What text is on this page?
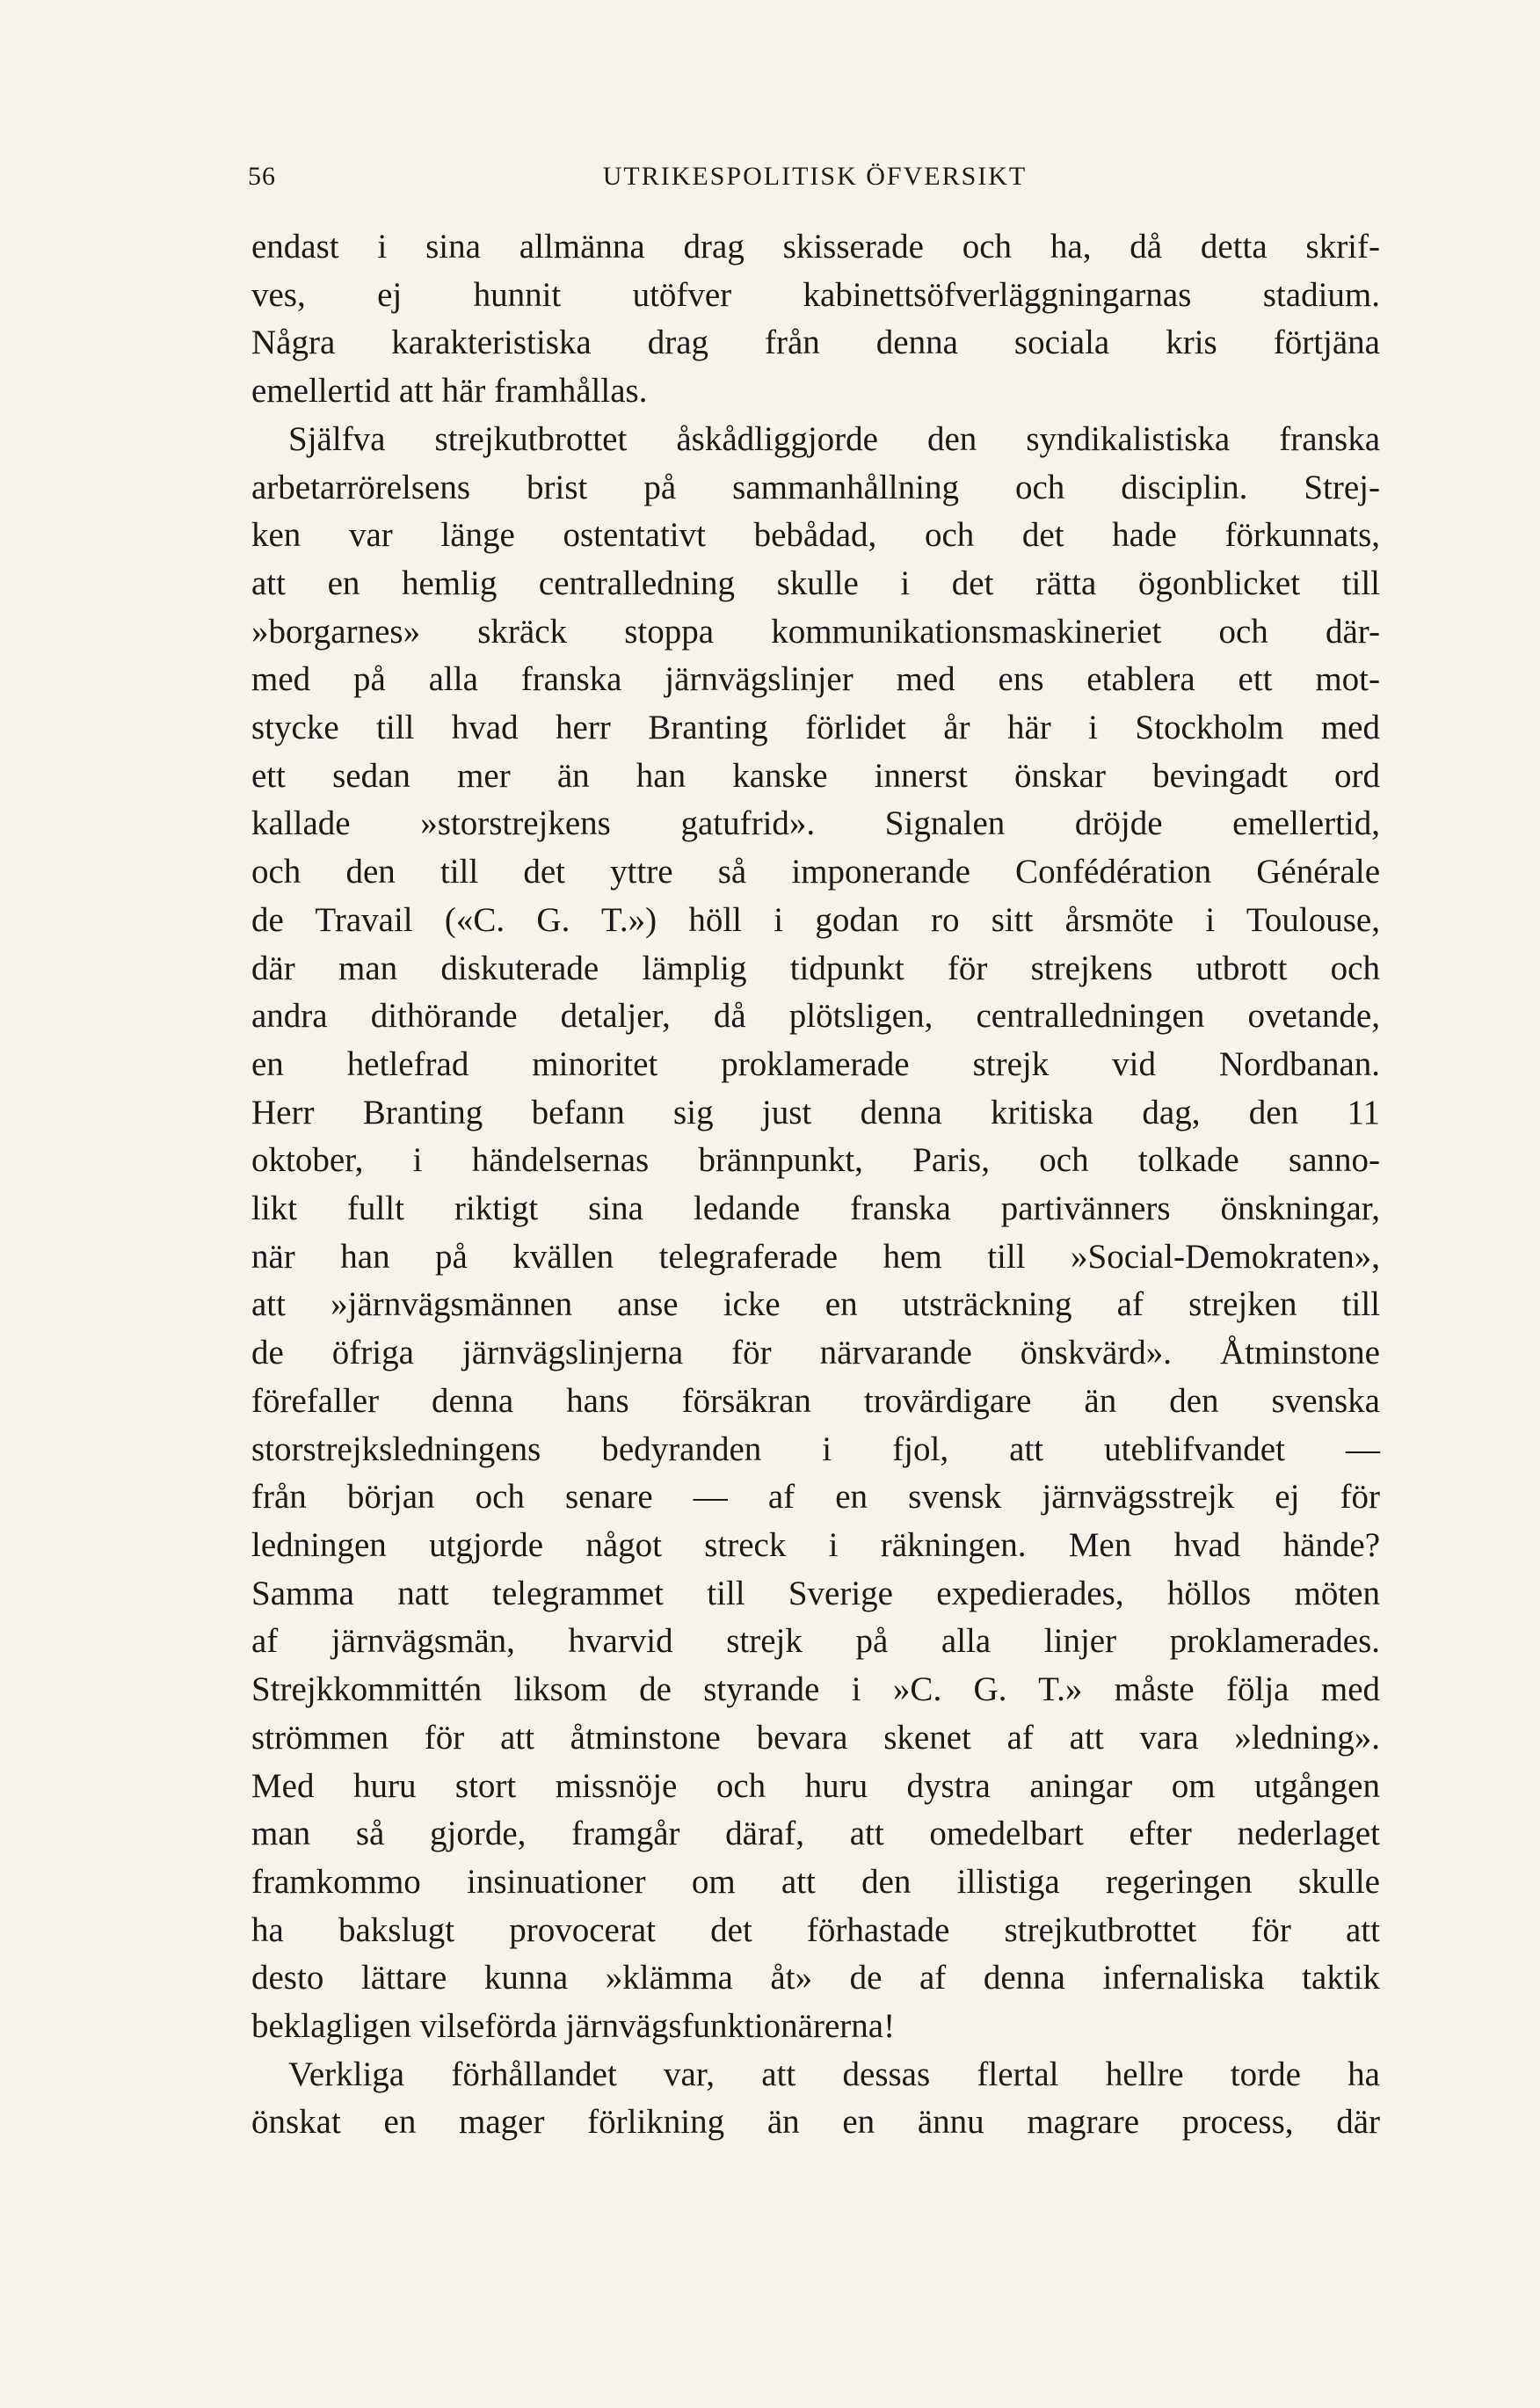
56	UTRIKESPOLITISK ÖFVERSIKT
endast i sina allmänna drag skisserade och ha, då detta skrif-
ves, ej hunnit utöfver kabinettsöfverläggningarnas stadium.
Några karakteristiska drag från denna sociala kris förtjäna
emellertid att här framhållas.
Själfva strejkutbrottet åskådliggjorde den syndikalistiska franska
arbetarrörelsens brist på sammanhållning och disciplin. Strej-
ken var länge ostentativt bebådad, och det hade förkunnats,
att en hemlig centralledning skulle i det rätta ögonblicket till
»borgarnes» skräck stoppa kommunikationsmaskineriet och där-
med på alla franska järnvägslinjer med ens etablera ett mot-
stycke till hvad herr Branting förlidet år här i Stockholm med
ett sedan mer än han kanske innerst önskar bevingadt ord
kallade »storstrejkens gatufrid». Signalen dröjde emellertid,
och den till det yttre så imponerande Confédération Générale
de Travail («C. G. T.») höll i godan ro sitt årsmöte i Toulouse,
där man diskuterade lämplig tidpunkt för strejkens utbrott och
andra dithörande detaljer, då plötsligen, centralledningen ovetande,
en hetlefrad minoritet proklamerade strejk vid Nordbanan.
Herr Branting befann sig just denna kritiska dag, den 11
oktober, i händelsernas brännpunkt, Paris, och tolkade sanno-
likt fullt riktigt sina ledande franska partivänners önskningar,
när han på kvällen telegraferade hem till »Social-Demokraten»,
att »järnvägsmännen anse icke en utsträckning af strejken till
de öfriga järnvägslinjerna för närvarande önskvärd». Åtminstone
förefaller denna hans försäkran trovärdigare än den svenska
storstrejksledningens bedyranden i fjol, att uteblifvandet —
från början och senare — af en svensk järnvägsstrejk ej för
ledningen utgjorde något streck i räkningen. Men hvad hände?
Samma natt telegrammet till Sverige expedierades, höllos möten
af järnvägsmän, hvarvid strejk på alla linjer proklamerades.
Strejkkommittén liksom de styrande i »C. G. T.» måste följa med
strömmen för att åtminstone bevara skenet af att vara »ledning».
Med huru stort missnöje och huru dystra aningar om utgången
man så gjorde, framgår däraf, att omedelbart efter nederlaget
framkommo insinuationer om att den illistiga regeringen skulle
ha bakslugt provocerat det förhastade strejkutbrottet för att
desto lättare kunna »klämma åt» de af denna infernaliska taktik
beklagligen vilseförda järnvägsfunktionärerna!
Verkliga förhållandet var, att dessas flertal hellre torde ha
önskat en mager förlikning än en ännu magrare process, där
